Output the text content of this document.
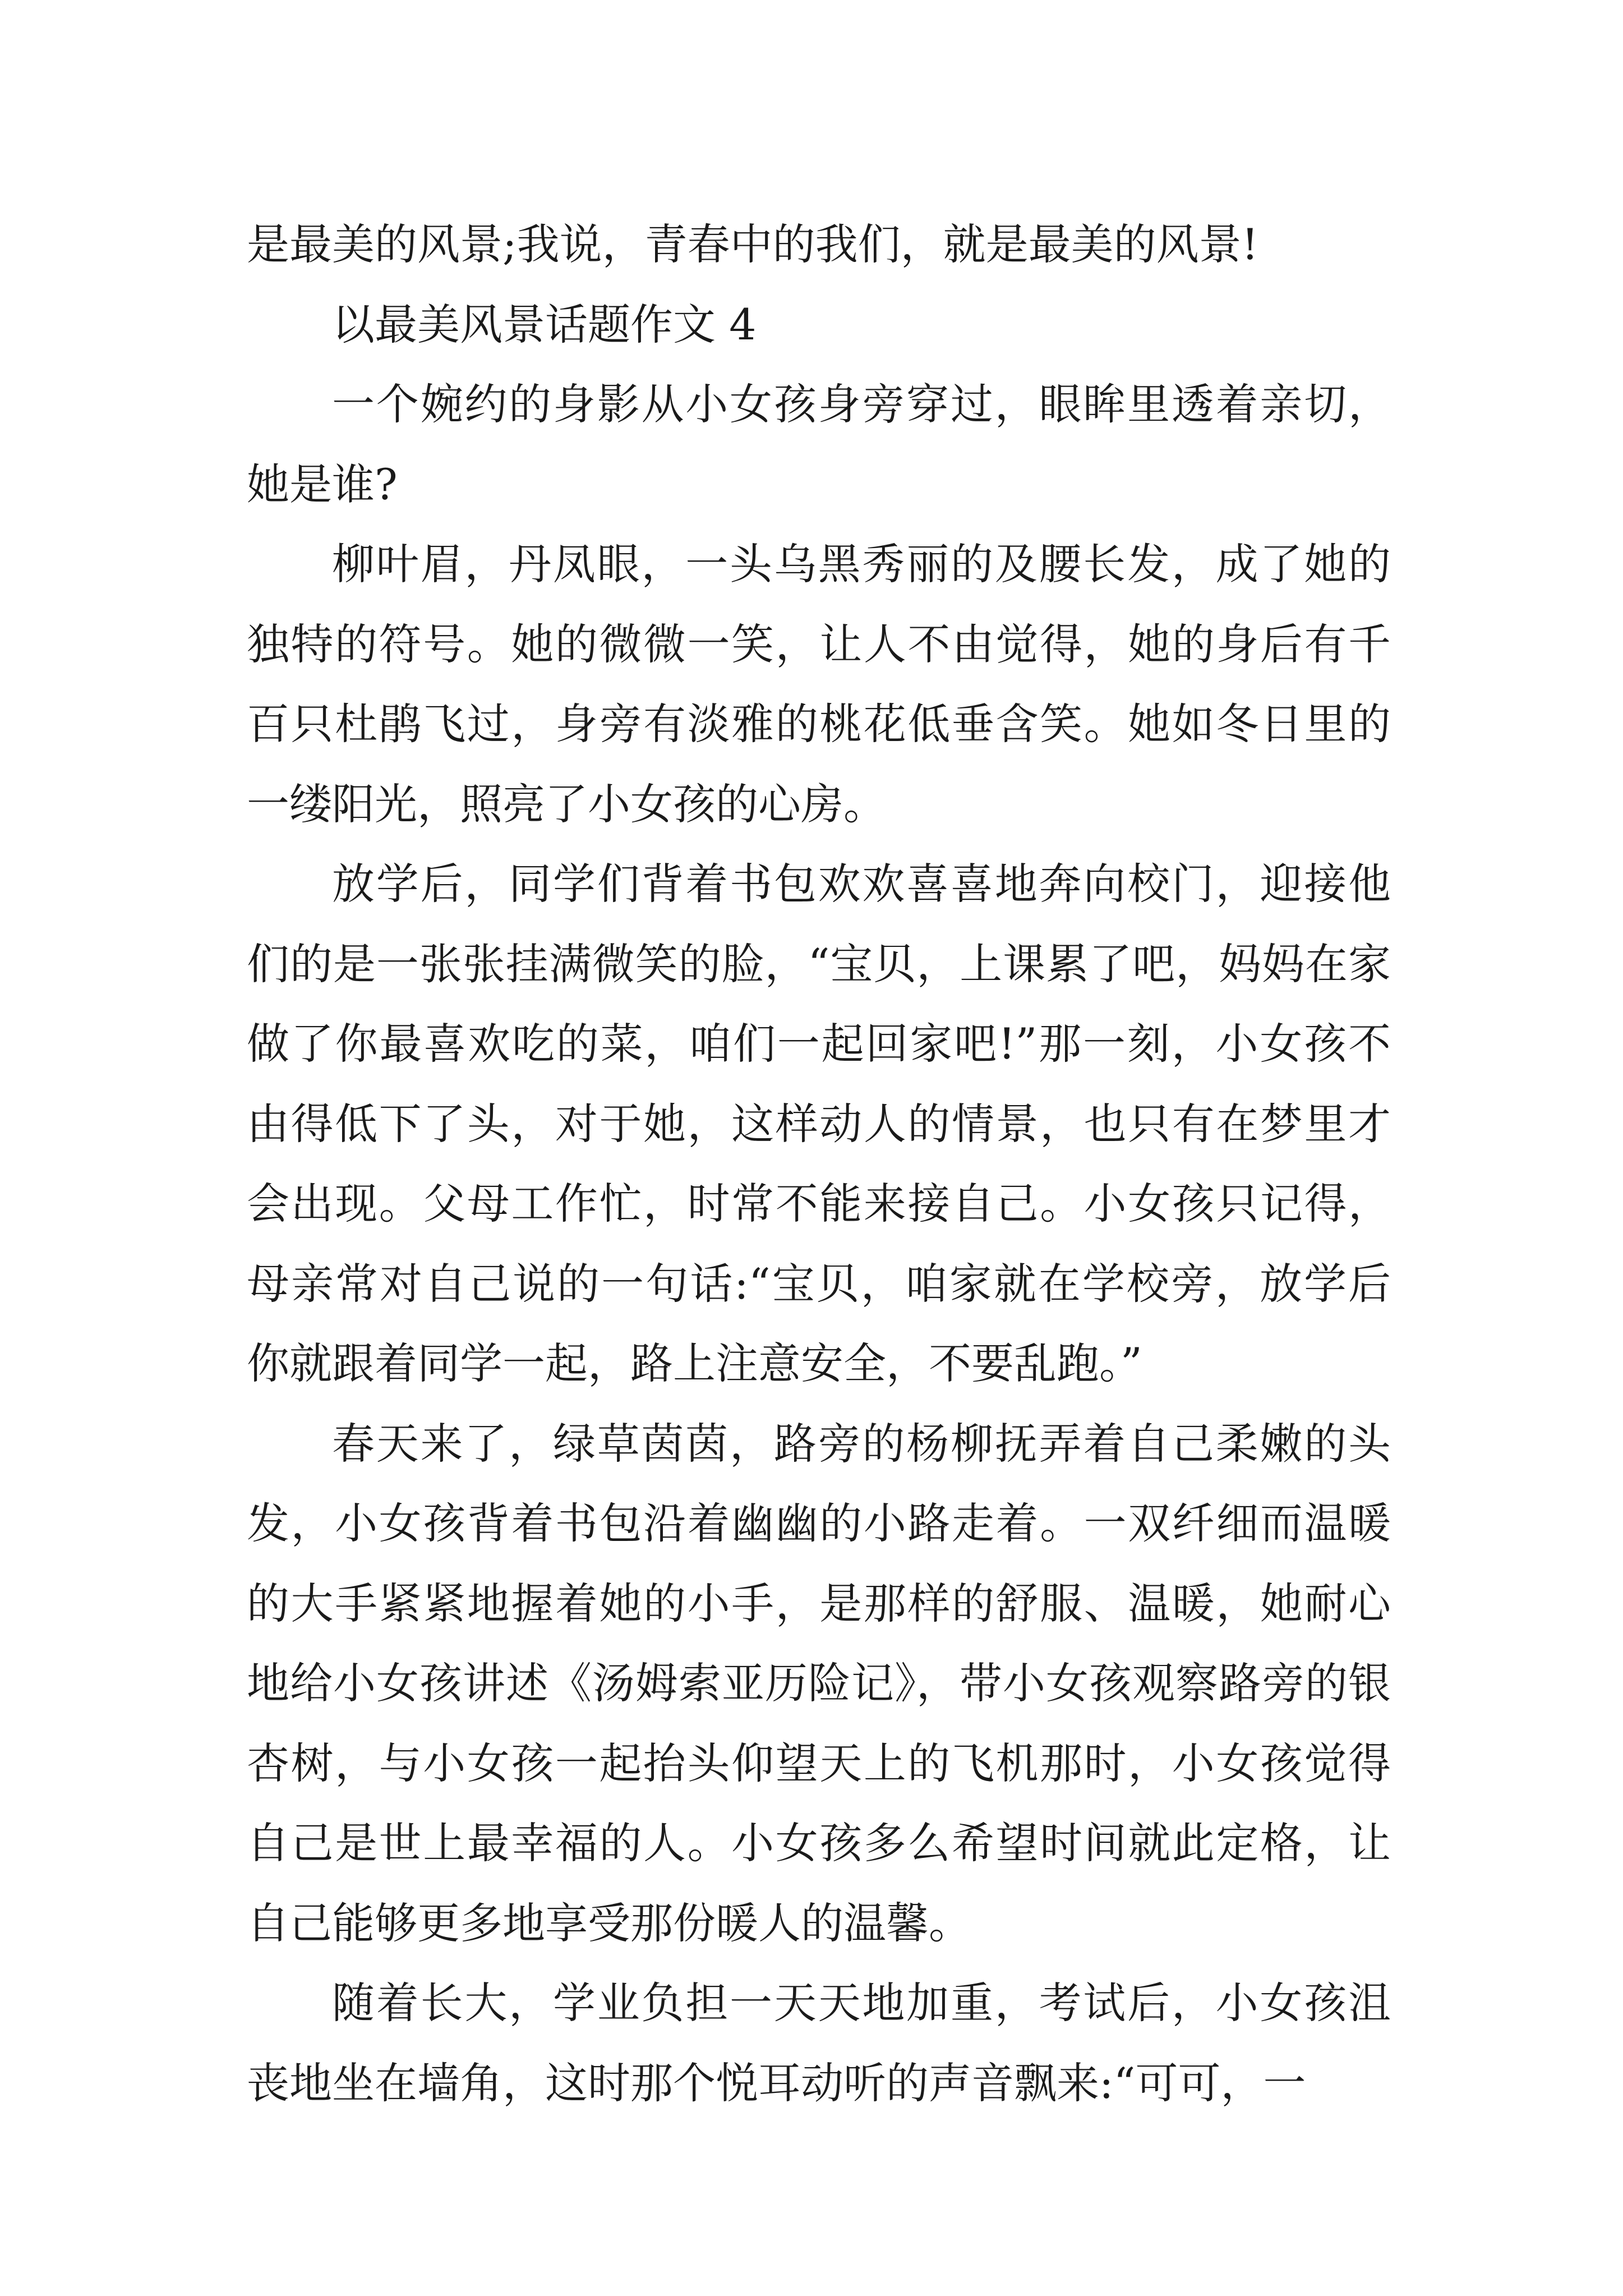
是最美的风景;我说，青春中的我们，就是最美的风景!

以最美风景话题作文 4

一个婉约的身影从小女孩身旁穿过，眼眸里透着亲切，她是谁?

柳叶眉，丹凤眼，一头乌黑秀丽的及腰长发，成了她的独特的符号。她的微微一笑，让人不由觉得，她的身后有千百只杜鹃飞过，身旁有淡雅的桃花低垂含笑。她如冬日里的一缕阳光，照亮了小女孩的心房。

放学后，同学们背着书包欢欢喜喜地奔向校门，迎接他们的是一张张挂满微笑的脸，“宝贝，上课累了吧，妈妈在家做了你最喜欢吃的菜，咱们一起回家吧!”那一刻，小女孩不由得低下了头，对于她，这样动人的情景，也只有在梦里才会出现。父母工作忙，时常不能来接自己。小女孩只记得，母亲常对自己说的一句话:“宝贝，咱家就在学校旁，放学后你就跟着同学一起，路上注意安全，不要乱跑。”

春天来了，绿草茵茵，路旁的杨柳抚弄着自己柔嫩的头发，小女孩背着书包沿着幽幽的小路走着。一双纤细而温暖的大手紧紧地握着她的小手，是那样的舒服、温暖，她耐心地给小女孩讲述《汤姆索亚历险记》，带小女孩观察路旁的银杏树，与小女孩一起抬头仰望天上的飞机那时，小女孩觉得自己是世上最幸福的人。小女孩多么希望时间就此定格，让自己能够更多地享受那份暖人的温馨。

随着长大，学业负担一天天地加重，考试后，小女孩沮丧地坐在墙角，这时那个悦耳动听的声音飘来:“可可，一
